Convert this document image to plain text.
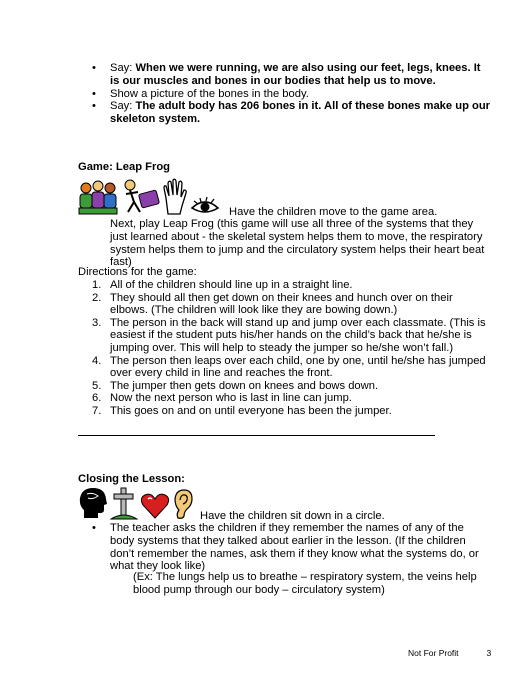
• Say: When we were running, we are also using our feet, legs, knees. It is our muscles and bones in our bodies that help us to move.
• Show a picture of the bones in the body.
• Say: The adult body has 206 bones in it. All of these bones make up our skeleton system.
Game: Leap Frog
Have the children move to the game area.
Next, play Leap Frog (this game will use all three of the systems that they just learned about - the skeletal system helps them to move, the respiratory system helps them to jump and the circulatory system helps their heart beat fast)
Directions for the game:
1. All of the children should line up in a straight line.
2. They should all then get down on their knees and hunch over on their elbows. (The children will look like they are bowing down.)
3. The person in the back will stand up and jump over each classmate. (This is easiest if the student puts his/her hands on the child’s back that he/she is jumping over. This will help to steady the jumper so he/she won’t fall.)
4. The person then leaps over each child, one by one, until he/she has jumped over every child in line and reaches the front.
5. The jumper then gets down on knees and bows down.
6. Now the next person who is last in line can jump.
7. This goes on and on until everyone has been the jumper.
Closing the Lesson:
Have the children sit down in a circle.
• The teacher asks the children if they remember the names of any of the body systems that they talked about earlier in the lesson. (If the children don’t remember the names, ask them if they know what the systems do, or what they look like)
(Ex: The lungs help us to breathe – respiratory system, the veins help blood pump through our body – circulatory system)
Not For Profit	3
